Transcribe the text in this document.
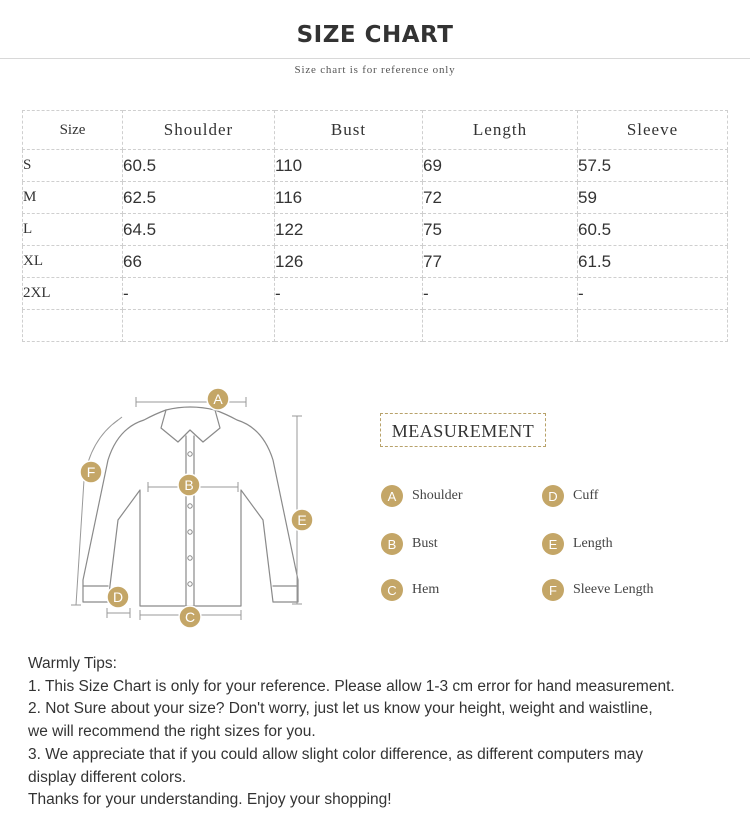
SIZE CHART
Size chart is for reference only
Size	Shoulder	Bust	Length	Sleeve
S	60.5	110	69	57.5
M	62.5	116	72	59
L	64.5	122	75	60.5
XL	66	126	77	61.5
2XL	-	-	-	-

A
B
C
D
E
F
MEASUREMENT
A	Shoulder
B	Bust
C	Hem
D	Cuff
E	Length
F	Sleeve Length

Warmly Tips:

1. This Size Chart is only for your reference. Please allow 1-3 cm error for hand measurement.

2. Not Sure about your size? Don't worry, just let us know your height, weight and waistline,

we will recommend the right sizes for you.

3. We appreciate that if you could allow slight color difference, as different computers may

display different colors.

Thanks for your understanding. Enjoy your shopping!
